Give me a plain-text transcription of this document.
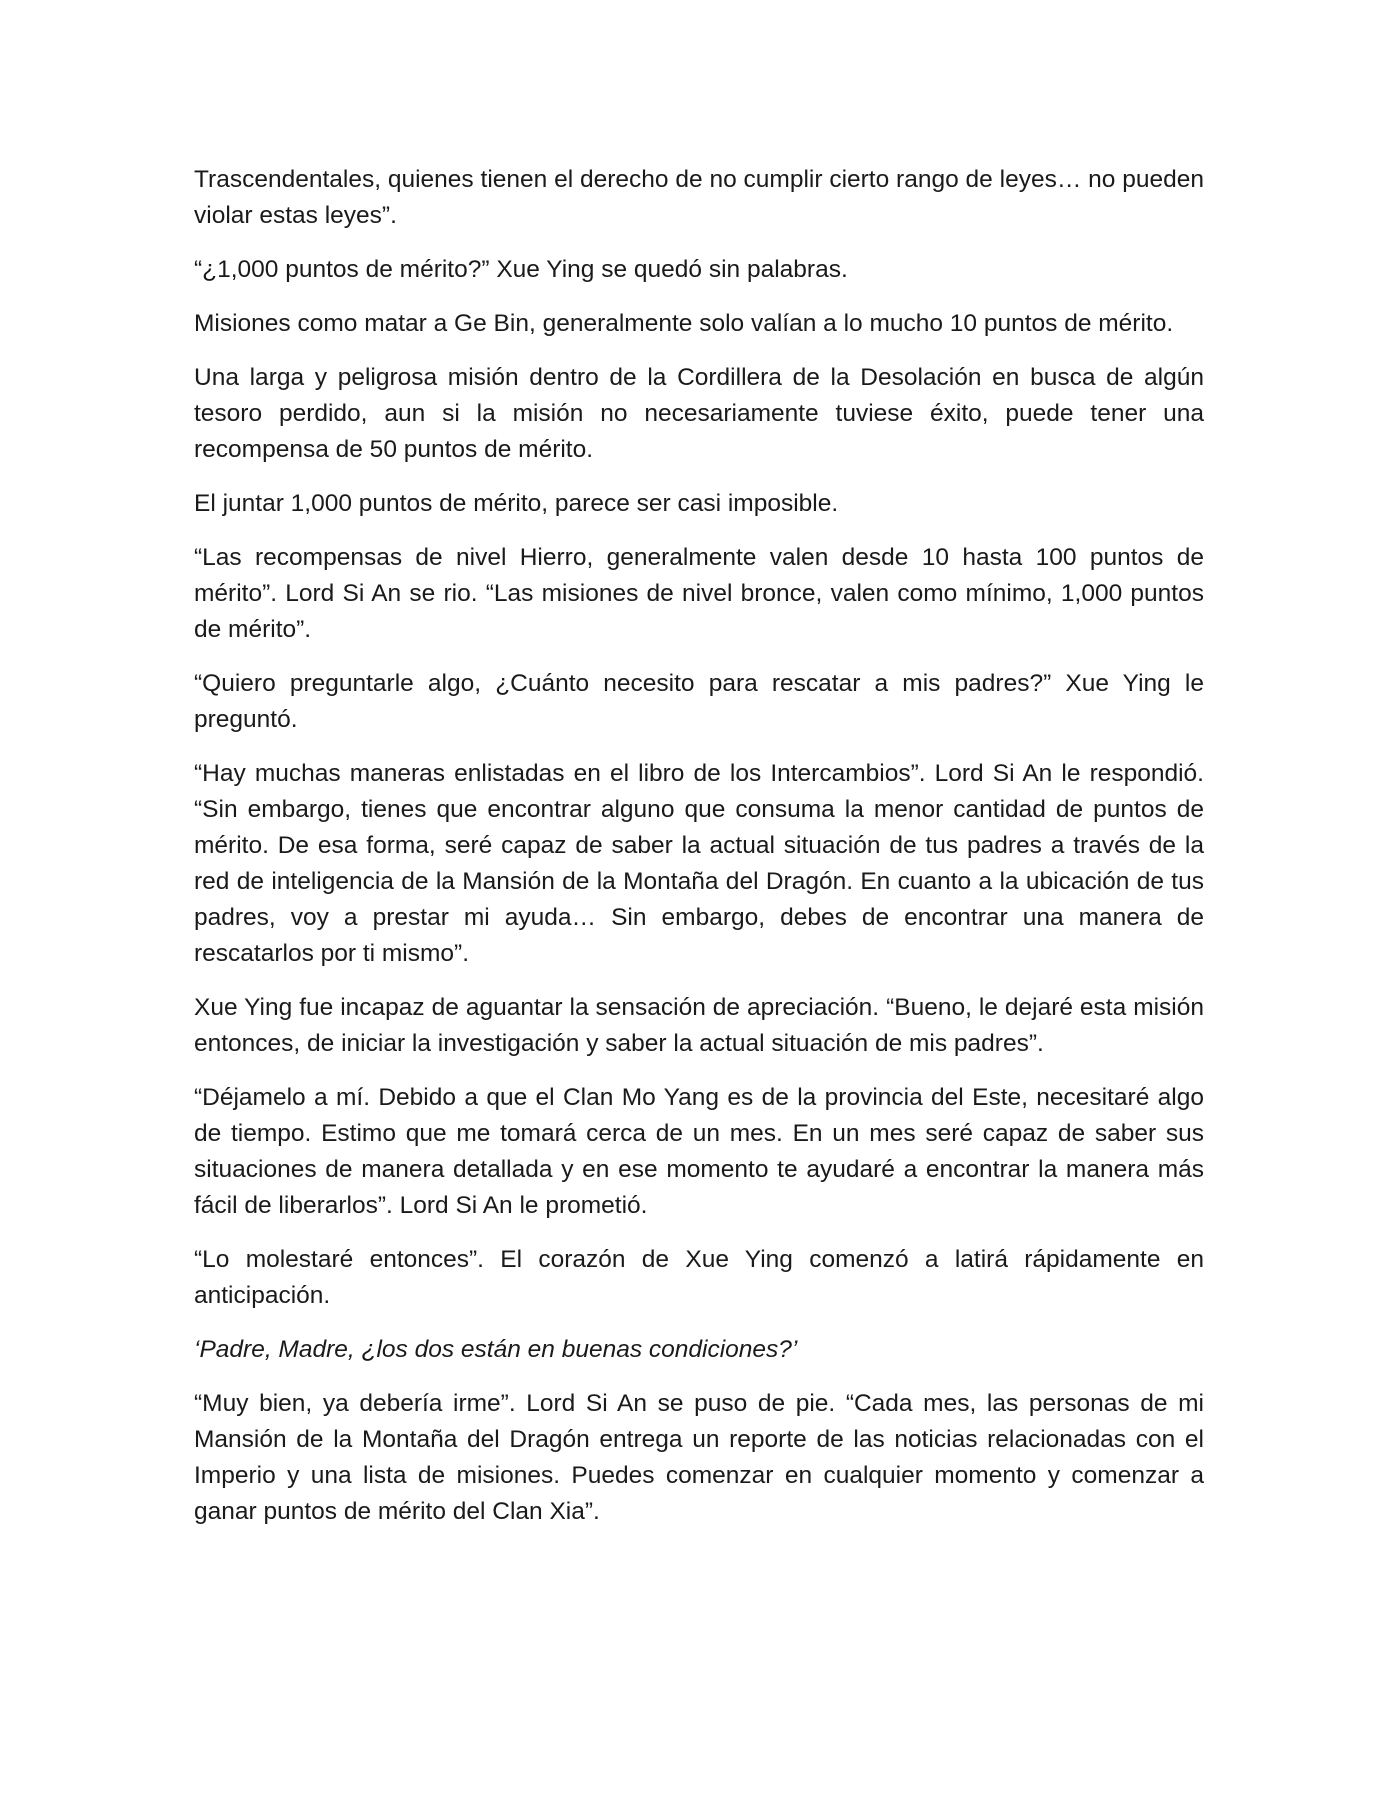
Trascendentales, quienes tienen el derecho de no cumplir cierto rango de leyes… no pueden violar estas leyes”.

“¿1,000 puntos de mérito?” Xue Ying se quedó sin palabras.

Misiones como matar a Ge Bin, generalmente solo valían a lo mucho 10 puntos de mérito.

Una larga y peligrosa misión dentro de la Cordillera de la Desolación en busca de algún tesoro perdido, aun si la misión no necesariamente tuviese éxito, puede tener una recompensa de 50 puntos de mérito.

El juntar 1,000 puntos de mérito, parece ser casi imposible.

“Las recompensas de nivel Hierro, generalmente valen desde 10 hasta 100 puntos de mérito”. Lord Si An se rio. “Las misiones de nivel bronce, valen como mínimo, 1,000 puntos de mérito”.

“Quiero preguntarle algo, ¿Cuánto necesito para rescatar a mis padres?” Xue Ying le preguntó.

“Hay muchas maneras enlistadas en el libro de los Intercambios”. Lord Si An le respondió. “Sin embargo, tienes que encontrar alguno que consuma la menor cantidad de puntos de mérito. De esa forma, seré capaz de saber la actual situación de tus padres a través de la red de inteligencia de la Mansión de la Montaña del Dragón. En cuanto a la ubicación de tus padres, voy a prestar mi ayuda… Sin embargo, debes de encontrar una manera de rescatarlos por ti mismo”.

Xue Ying fue incapaz de aguantar la sensación de apreciación. “Bueno, le dejaré esta misión entonces, de iniciar la investigación y saber la actual situación de mis padres”.

“Déjamelo a mí. Debido a que el Clan Mo Yang es de la provincia del Este, necesitaré algo de tiempo. Estimo que me tomará cerca de un mes. En un mes seré capaz de saber sus situaciones de manera detallada y en ese momento te ayudaré a encontrar la manera más fácil de liberarlos”. Lord Si An le prometió.

“Lo molestaré entonces”. El corazón de Xue Ying comenzó a latirá rápidamente en anticipación.

‘Padre, Madre, ¿los dos están en buenas condiciones?’

“Muy bien, ya debería irme”. Lord Si An se puso de pie. “Cada mes, las personas de mi Mansión de la Montaña del Dragón entrega un reporte de las noticias relacionadas con el Imperio y una lista de misiones. Puedes comenzar en cualquier momento y comenzar a ganar puntos de mérito del Clan Xia”.
